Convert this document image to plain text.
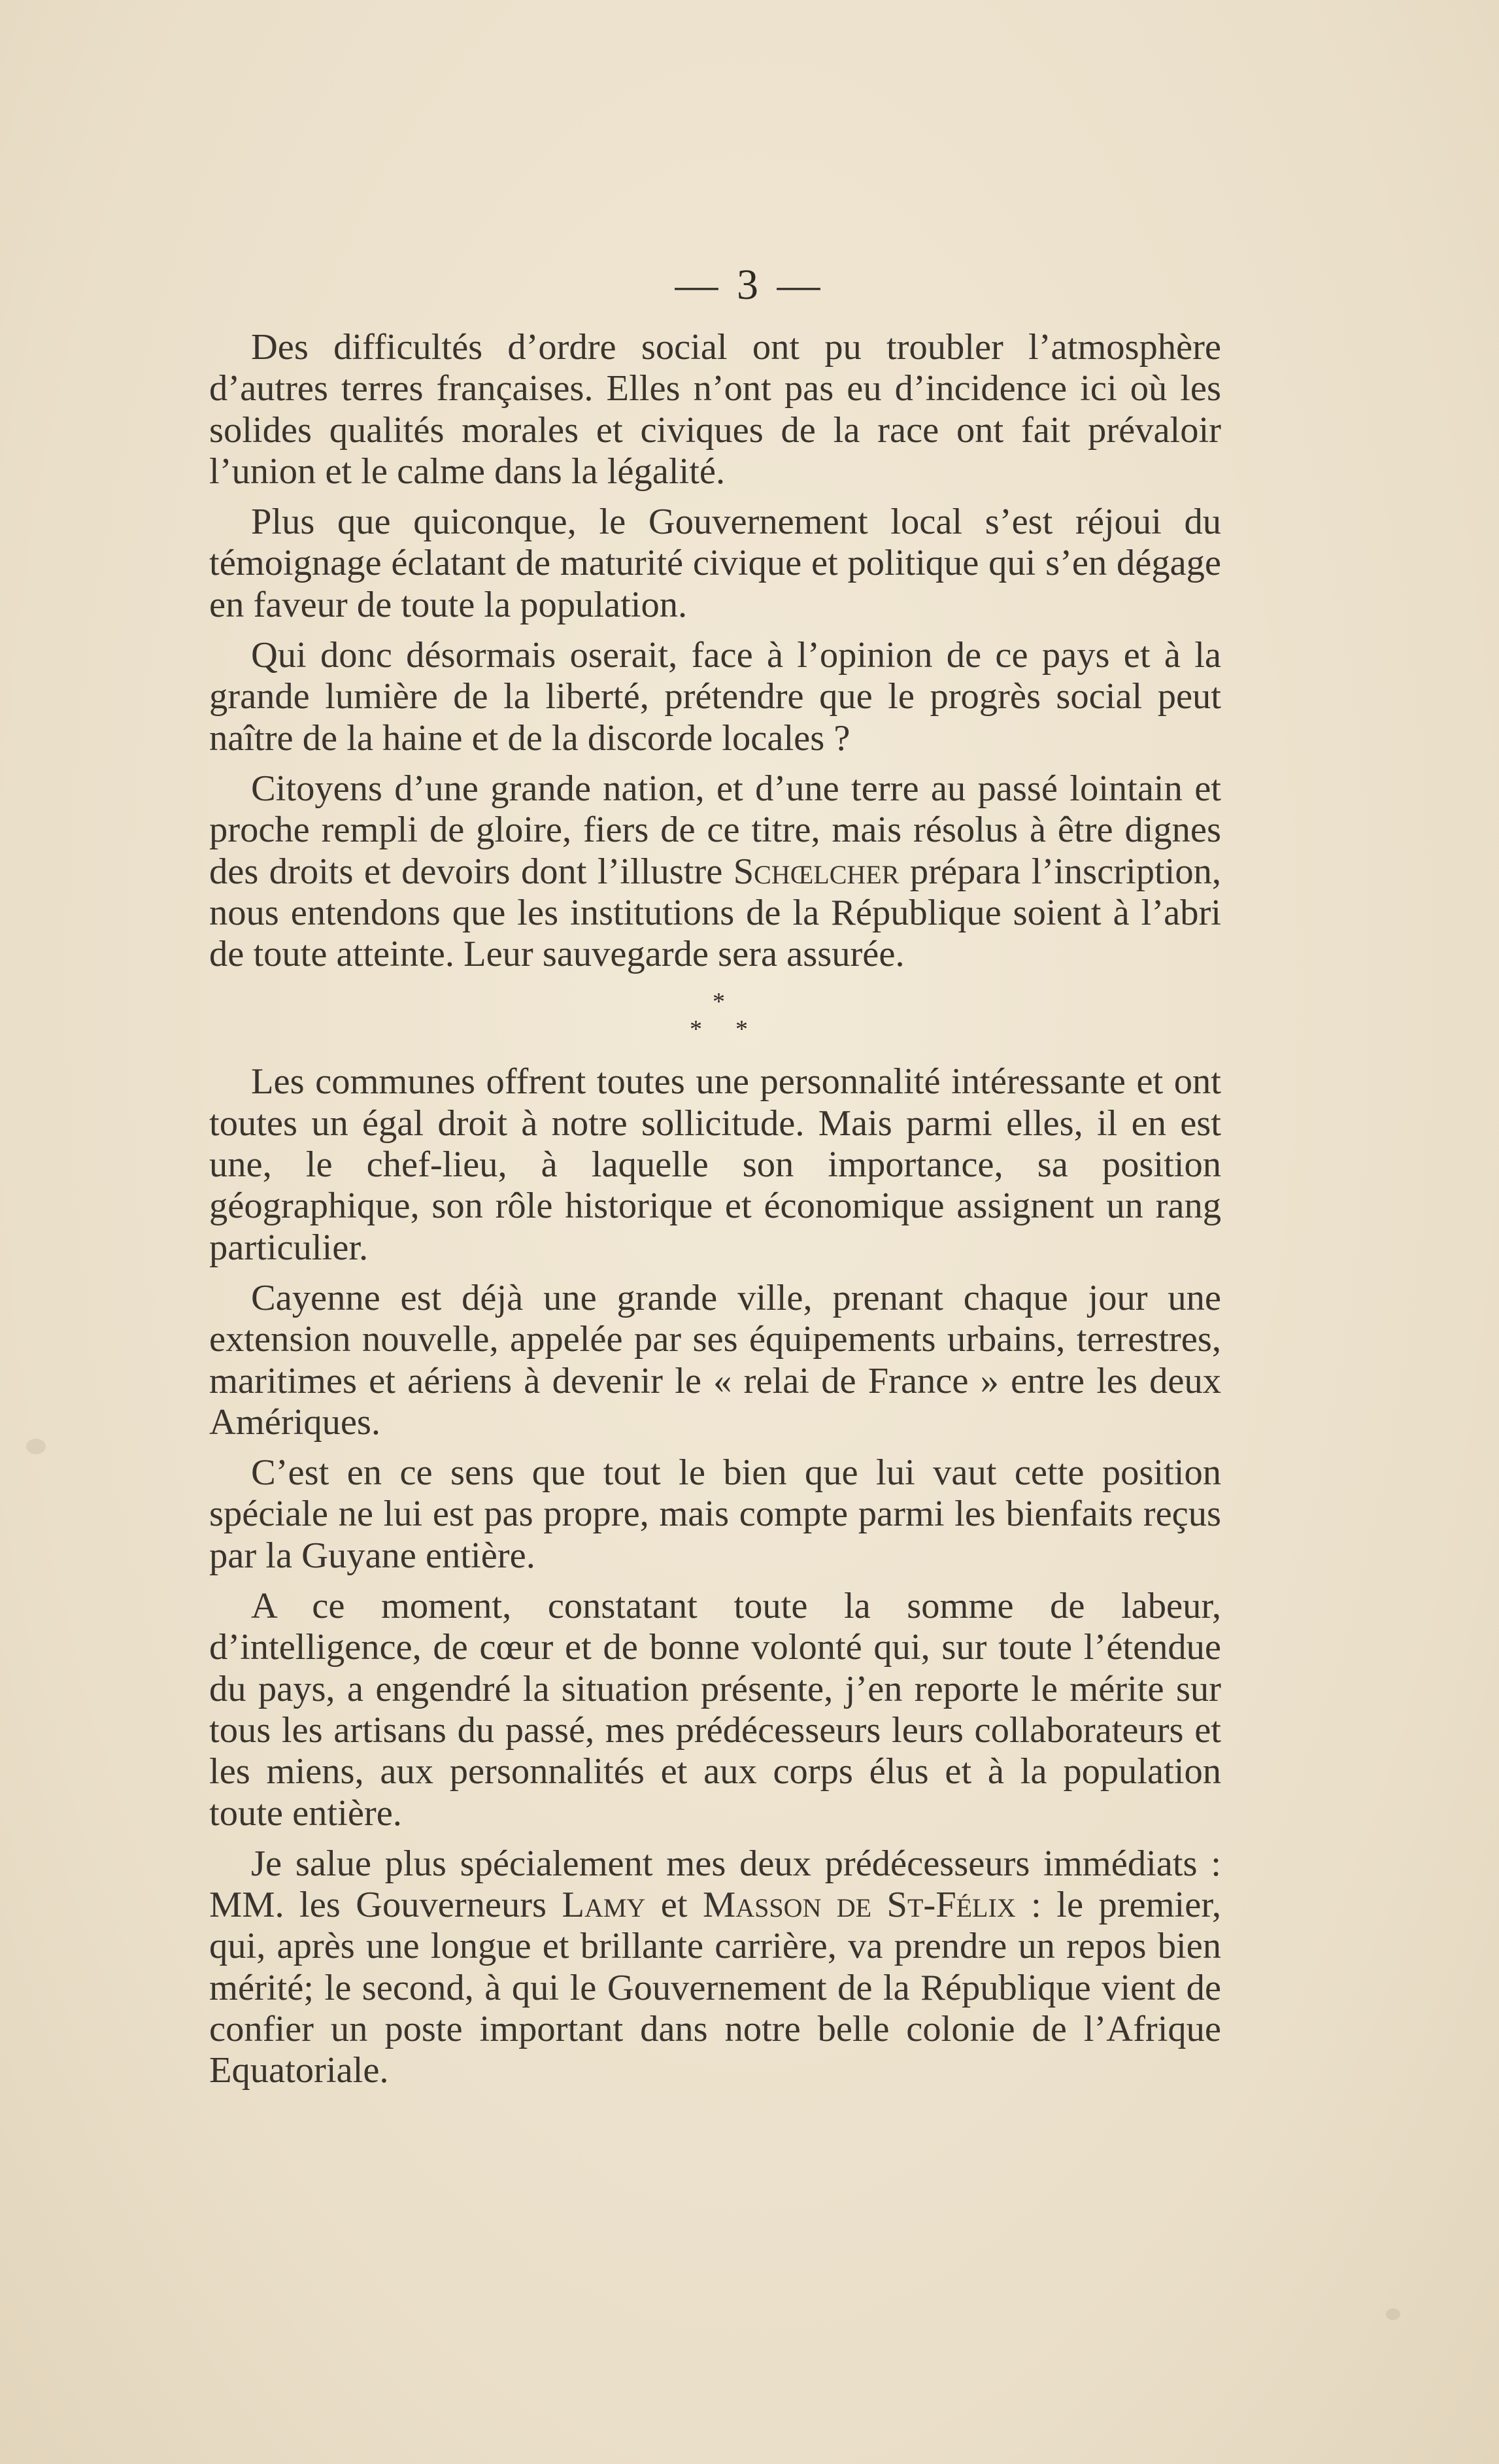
— 3 —

Des difficultés d’ordre social ont pu troubler l’atmosphère d’autres terres françaises. Elles n’ont pas eu d’incidence ici où les solides qualités morales et civiques de la race ont fait prévaloir l’union et le calme dans la légalité.

Plus que quiconque, le Gouvernement local s’est réjoui du témoignage éclatant de maturité civique et politique qui s’en dégage en faveur de toute la population.

Qui donc désormais oserait, face à l’opinion de ce pays et à la grande lumière de la liberté, prétendre que le progrès social peut naître de la haine et de la discorde locales ?

Citoyens d’une grande nation, et d’une terre au passé lointain et proche rempli de gloire, fiers de ce titre, mais résolus à être dignes des droits et devoirs dont l’illustre Schœlcher prépara l’inscription, nous entendons que les institutions de la République soient à l’abri de toute atteinte. Leur sauvegarde sera assurée.

*
* *

Les communes offrent toutes une personnalité intéressante et ont toutes un égal droit à notre sollicitude. Mais parmi elles, il en est une, le chef-lieu, à laquelle son importance, sa position géographique, son rôle historique et économique assignent un rang particulier.

Cayenne est déjà une grande ville, prenant chaque jour une extension nouvelle, appelée par ses équipements urbains, terrestres, maritimes et aériens à devenir le « relai de France » entre les deux Amériques.

C’est en ce sens que tout le bien que lui vaut cette position spéciale ne lui est pas propre, mais compte parmi les bienfaits reçus par la Guyane entière.

A ce moment, constatant toute la somme de labeur, d’intelligence, de cœur et de bonne volonté qui, sur toute l’étendue du pays, a engendré la situation présente, j’en reporte le mérite sur tous les artisans du passé, mes prédécesseurs leurs collaborateurs et les miens, aux personnalités et aux corps élus et à la population toute entière.

Je salue plus spécialement mes deux prédécesseurs immédiats : MM. les Gouverneurs Lamy et Masson de St-Félix : le premier, qui, après une longue et brillante carrière, va prendre un repos bien mérité; le second, à qui le Gouvernement de la République vient de confier un poste important dans notre belle colonie de l’Afrique Equatoriale.
